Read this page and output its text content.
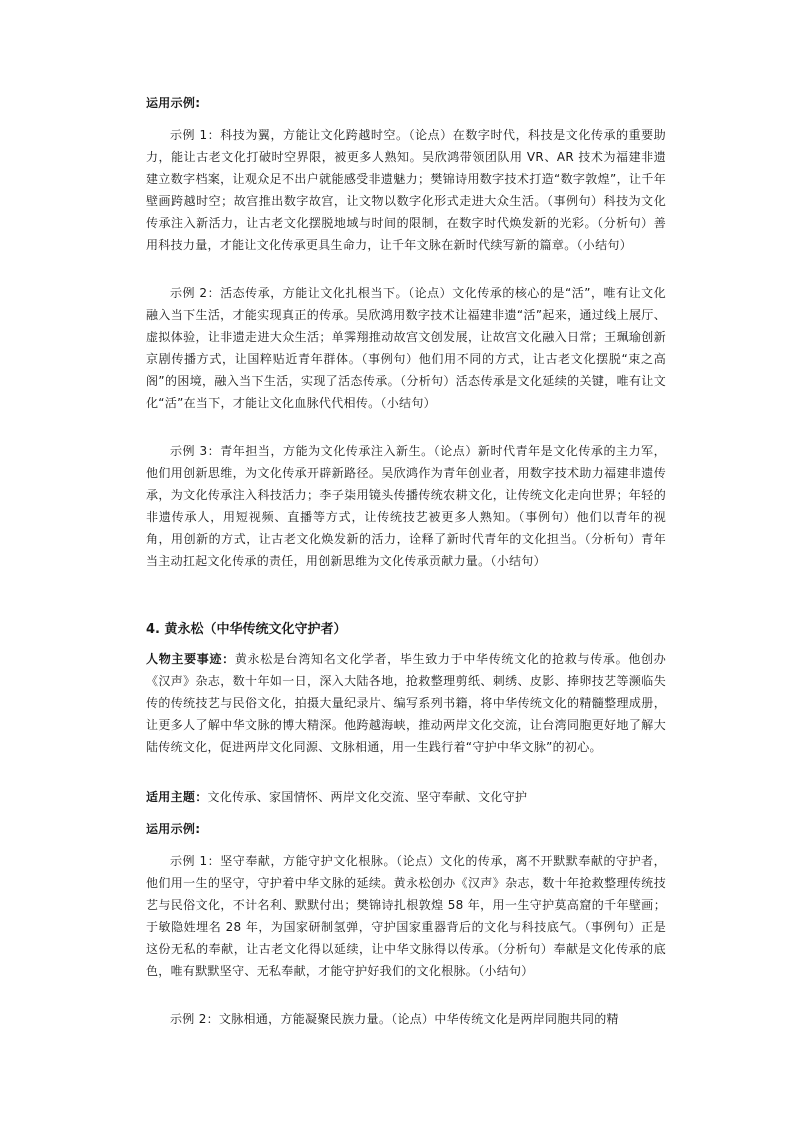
运用示例:

示例 1：科技为翼，方能让文化跨越时空。（论点）在数字时代，科技是文化传承的重要助力，能让古老文化打破时空界限，被更多人熟知。吴欣鸿带领团队用 VR、AR 技术为福建非遗建立数字档案，让观众足不出户就能感受非遗魅力；樊锦诗用数字技术打造“数字敦煌”，让千年壁画跨越时空；故宫推出数字故宫，让文物以数字化形式走进大众生活。（事例句）科技为文化传承注入新活力，让古老文化摆脱地域与时间的限制，在数字时代焕发新的光彩。（分析句）善用科技力量，才能让文化传承更具生命力，让千年文脉在新时代续写新的篇章。（小结句）

示例 2：活态传承，方能让文化扎根当下。（论点）文化传承的核心的是“活”，唯有让文化融入当下生活，才能实现真正的传承。吴欣鸿用数字技术让福建非遗“活”起来，通过线上展厅、虚拟体验，让非遗走进大众生活；单霁翔推动故宫文创发展，让故宫文化融入日常；王珮瑜创新京剧传播方式，让国粹贴近青年群体。（事例句）他们用不同的方式，让古老文化摆脱“束之高阁”的困境，融入当下生活，实现了活态传承。（分析句）活态传承是文化延续的关键，唯有让文化“活”在当下，才能让文化血脉代代相传。（小结句）

示例 3：青年担当，方能为文化传承注入新生。（论点）新时代青年是文化传承的主力军，他们用创新思维，为文化传承开辟新路径。吴欣鸿作为青年创业者，用数字技术助力福建非遗传承，为文化传承注入科技活力；李子柒用镜头传播传统农耕文化，让传统文化走向世界；年轻的非遗传承人，用短视频、直播等方式，让传统技艺被更多人熟知。（事例句）他们以青年的视角，用创新的方式，让古老文化焕发新的活力，诠释了新时代青年的文化担当。（分析句）青年当主动扛起文化传承的责任，用创新思维为文化传承贡献力量。（小结句）

4. 黄永松（中华传统文化守护者）

人物主要事迹：黄永松是台湾知名文化学者，毕生致力于中华传统文化的抢救与传承。他创办《汉声》杂志，数十年如一日，深入大陆各地，抢救整理剪纸、刺绣、皮影、捧卵技艺等濒临失传的传统技艺与民俗文化，拍摄大量纪录片、编写系列书籍，将中华传统文化的精髓整理成册，让更多人了解中华文脉的博大精深。他跨越海峡，推动两岸文化交流，让台湾同胞更好地了解大陆传统文化，促进两岸文化同源、文脉相通，用一生践行着“守护中华文脉”的初心。

适用主题：文化传承、家国情怀、两岸文化交流、坚守奉献、文化守护

运用示例:

示例 1：坚守奉献，方能守护文化根脉。（论点）文化的传承，离不开默默奉献的守护者，他们用一生的坚守，守护着中华文脉的延续。黄永松创办《汉声》杂志，数十年抢救整理传统技艺与民俗文化，不计名利、默默付出；樊锦诗扎根敦煌 58 年，用一生守护莫高窟的千年壁画；于敏隐姓埋名 28 年，为国家研制氢弹，守护国家重器背后的文化与科技底气。（事例句）正是这份无私的奉献，让古老文化得以延续，让中华文脉得以传承。（分析句）奉献是文化传承的底色，唯有默默坚守、无私奉献，才能守护好我们的文化根脉。（小结句）

示例 2：文脉相通，方能凝聚民族力量。（论点）中华传统文化是两岸同胞共同的精
